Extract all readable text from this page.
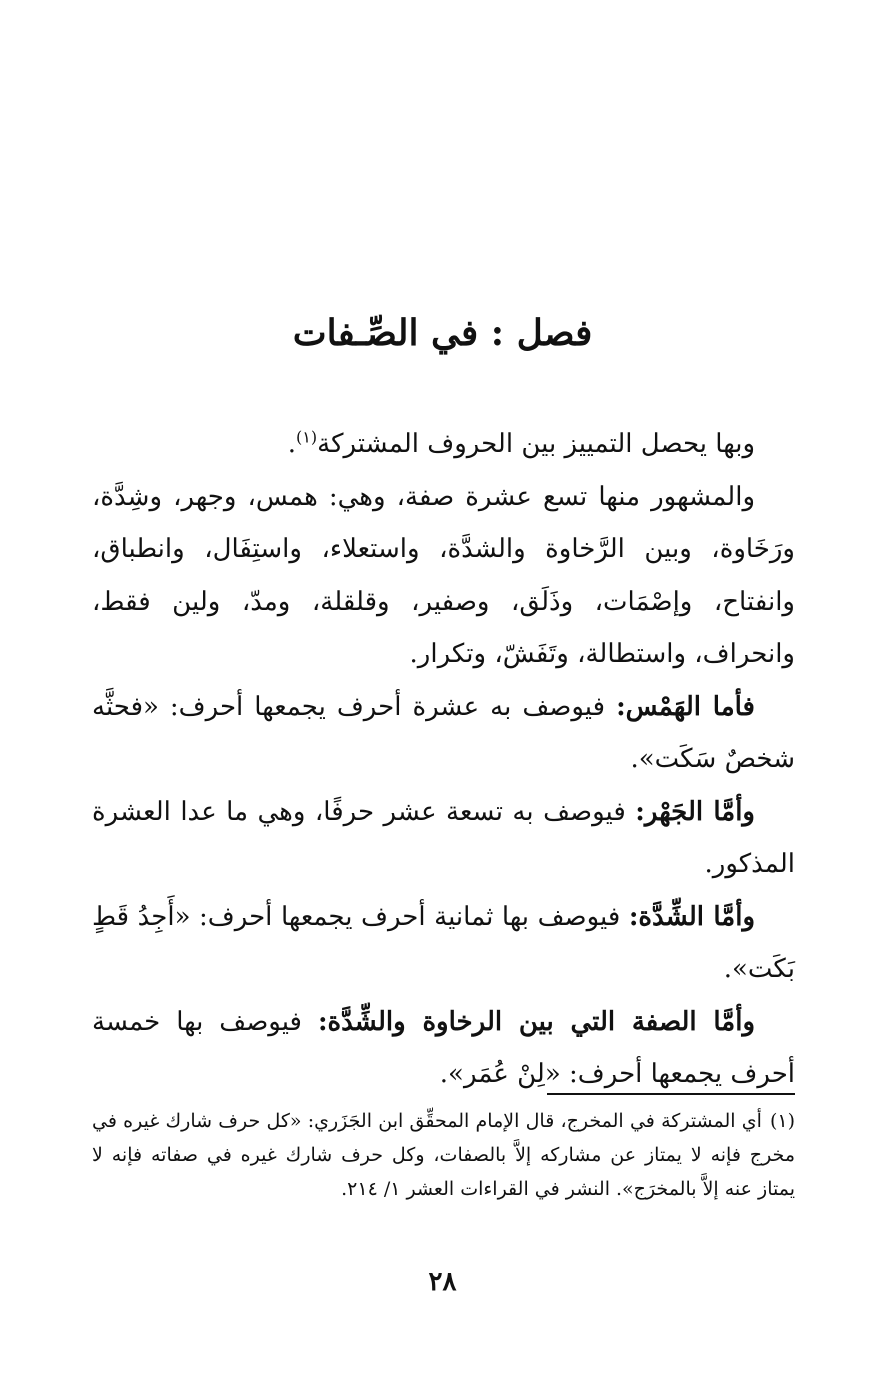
فصل : في الصِّـفات

وبها يحصل التمييز بين الحروف المشتركة$^{(١)}$.

والمشهور منها تسع عشرة صفة، وهي: همس، وجهر، وشِدَّة، ورَخَاوة، وبين الرَّخاوة والشدَّة، واستعلاء، واستِفَال، وانطباق، وانفتاح، وإصْمَات، وذَلَق، وصفير، وقلقلة، ومدّ، ولين فقط، وانحراف، واستطالة، وتَفَشّ، وتكرار.

فأما الهَمْس: فيوصف به عشرة أحرف يجمعها أحرف: «فحثَّه شخصٌ سَكَت».

وأمَّا الجَهْر: فيوصف به تسعة عشر حرفًا، وهي ما عدا العشرة المذكور.

وأمَّا الشِّدَّة: فيوصف بها ثمانية أحرف يجمعها أحرف: «أَجِدُ قَطٍ بَكَت».

وأمَّا الصفة التي بين الرخاوة والشِّدَّة: فيوصف بها خمسة أحرف يجمعها أحرف: «لِنْ عُمَر».

(١)أي المشتركة في المخرج، قال الإمام المحقِّق ابن الجَزَري: «كل حرف شارك غيره في مخرج فإنه لا يمتاز عن مشاركه إلاَّ بالصفات، وكل حرف شارك غيره في صفاته فإنه لا يمتاز عنه إلاَّ بالمخرَج». النشر في القراءات العشر ١/ ٢١٤.
٢٨
